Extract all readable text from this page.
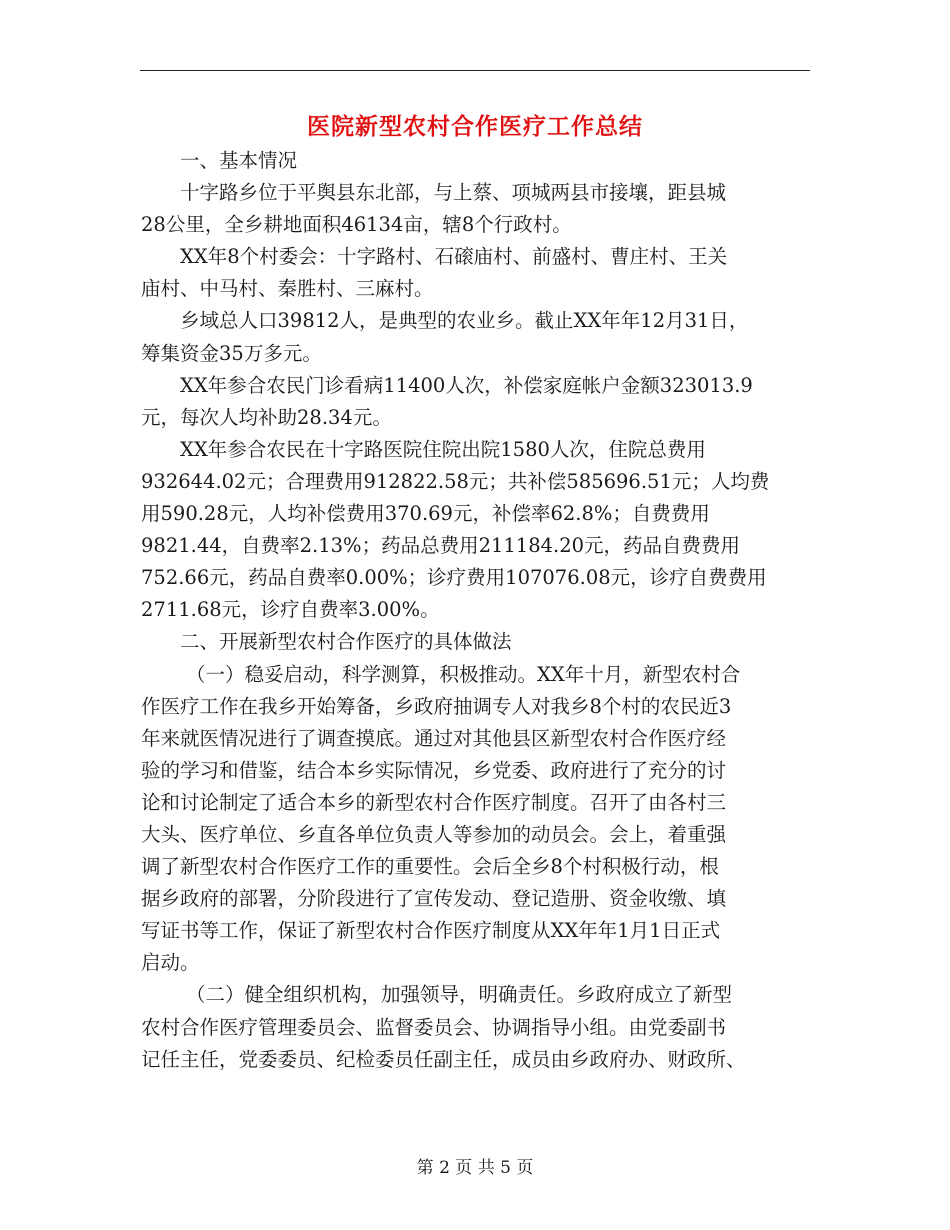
医院新型农村合作医疗工作总结
一、基本情况
十字路乡位于平舆县东北部，与上蔡、项城两县市接壤，距县城
28公里，全乡耕地面积46134亩，辖8个行政村。
XX年8个村委会：十字路村、石磙庙村、前盛村、曹庄村、王关
庙村、中马村、秦胜村、三麻村。
乡域总人口39812人，是典型的农业乡。截止XX年年12月31日，
筹集资金35万多元。
XX年参合农民门诊看病11400人次，补偿家庭帐户金额323013.9
元，每次人均补助28.34元。
XX年参合农民在十字路医院住院出院1580人次，住院总费用
932644.02元；合理费用912822.58元；共补偿585696.51元；人均费
用590.28元，人均补偿费用370.69元，补偿率62.8%；自费费用
9821.44，自费率2.13%；药品总费用211184.20元，药品自费费用
752.66元，药品自费率0.00%；诊疗费用107076.08元，诊疗自费费用
2711.68元，诊疗自费率3.00%。
二、开展新型农村合作医疗的具体做法
（一）稳妥启动，科学测算，积极推动。XX年十月，新型农村合
作医疗工作在我乡开始筹备，乡政府抽调专人对我乡8个村的农民近3
年来就医情况进行了调查摸底。通过对其他县区新型农村合作医疗经
验的学习和借鉴，结合本乡实际情况，乡党委、政府进行了充分的讨
论和讨论制定了适合本乡的新型农村合作医疗制度。召开了由各村三
大头、医疗单位、乡直各单位负责人等参加的动员会。会上，着重强
调了新型农村合作医疗工作的重要性。会后全乡8个村积极行动，根
据乡政府的部署，分阶段进行了宣传发动、登记造册、资金收缴、填
写证书等工作，保证了新型农村合作医疗制度从XX年年1月1日正式
启动。
（二）健全组织机构，加强领导，明确责任。乡政府成立了新型
农村合作医疗管理委员会、监督委员会、协调指导小组。由党委副书
记任主任，党委委员、纪检委员任副主任，成员由乡政府办、财政所、
第 2 页 共 5 页
